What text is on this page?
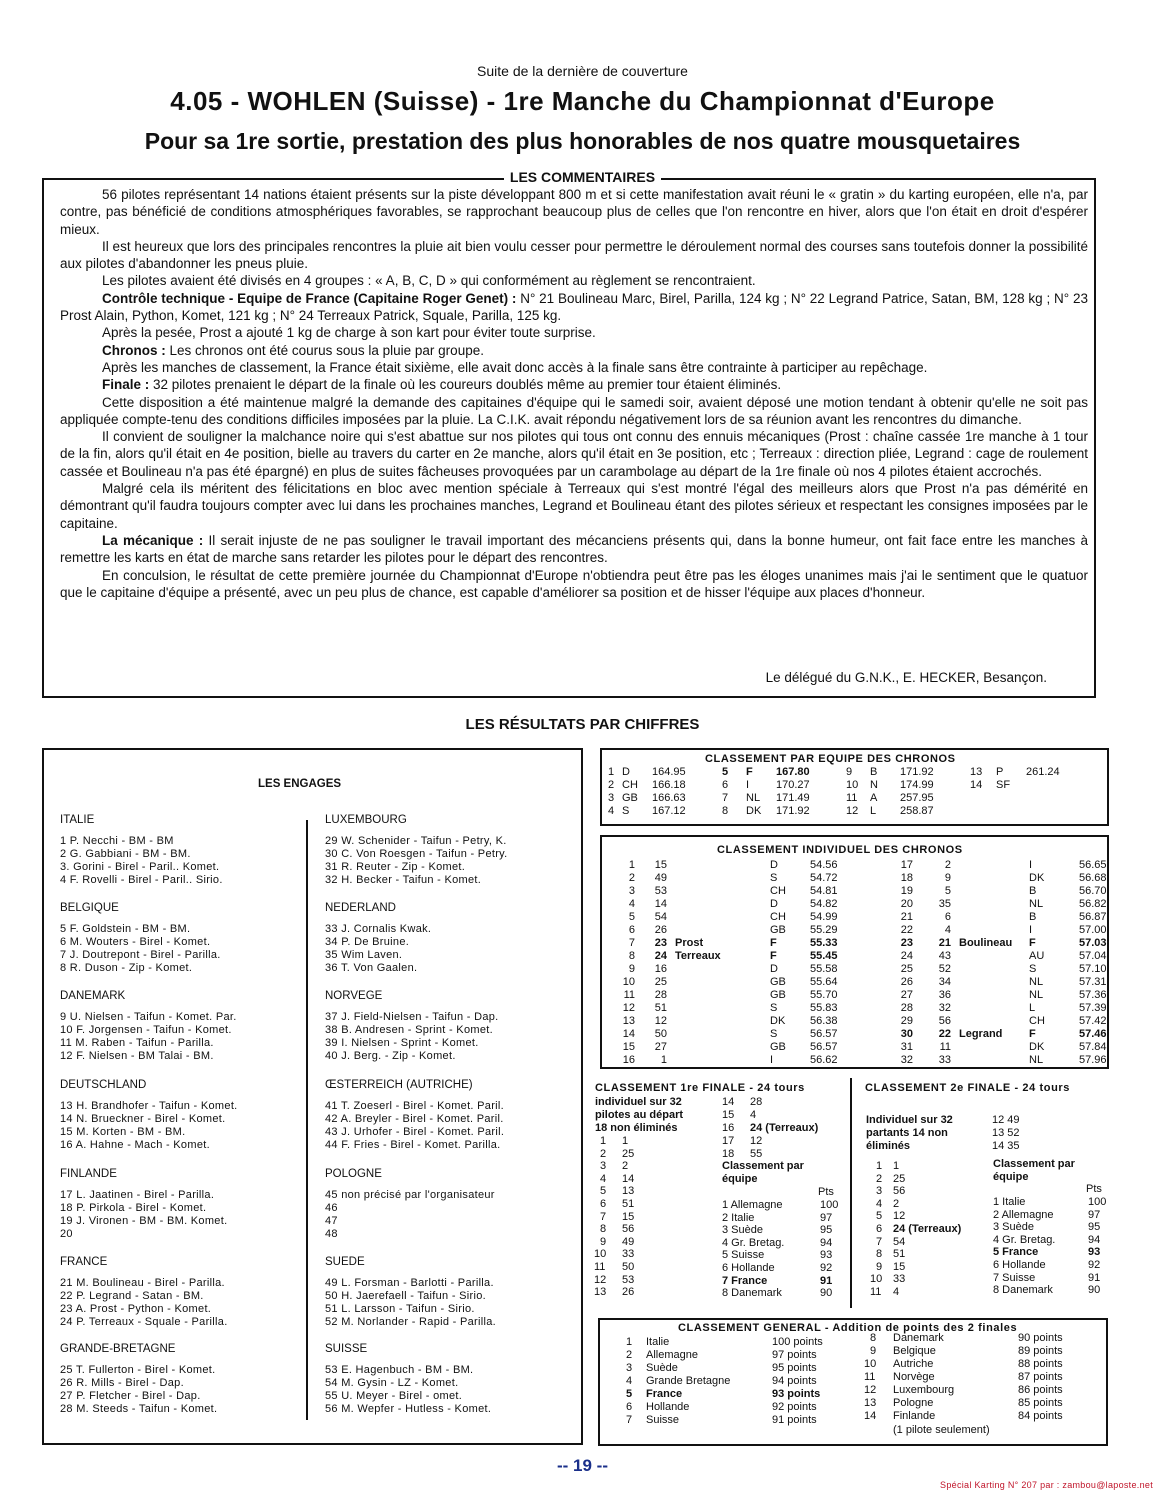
Suite de la dernière de couverture
4.05 - WOHLEN (Suisse) - 1re Manche du Championnat d'Europe
Pour sa 1re sortie, prestation des plus honorables de nos quatre mousquetaires
LES COMMENTAIRES

56 pilotes représentant 14 nations étaient présents sur la piste développant 800 m et si cette manifestation avait réuni le « gratin » du karting européen, elle n'a, par contre, pas bénéficié de conditions atmosphériques favorables, se rapprochant beaucoup plus de celles que l'on rencontre en hiver, alors que l'on était en droit d'espérer mieux.

Il est heureux que lors des principales rencontres la pluie ait bien voulu cesser pour permettre le déroulement normal des courses sans toutefois donner la possibilité aux pilotes d'abandonner les pneus pluie.

Les pilotes avaient été divisés en 4 groupes : « A, B, C, D » qui conformément au règlement se rencontraient.

Contrôle technique - Equipe de France (Capitaine Roger Genet) : N° 21 Boulineau Marc, Birel, Parilla, 124 kg ; N° 22 Legrand Patrice, Satan, BM, 128 kg ; N° 23 Prost Alain, Python, Komet, 121 kg ; N° 24 Terreaux Patrick, Squale, Parilla, 125 kg.

Après la pesée, Prost a ajouté 1 kg de charge à son kart pour éviter toute surprise.

Chronos : Les chronos ont été courus sous la pluie par groupe.

Après les manches de classement, la France était sixième, elle avait donc accès à la finale sans être contrainte à participer au repêchage.

Finale : 32 pilotes prenaient le départ de la finale où les coureurs doublés même au premier tour étaient éliminés.

Cette disposition a été maintenue malgré la demande des capitaines d'équipe qui le samedi soir, avaient déposé une motion tendant à obtenir qu'elle ne soit pas appliquée compte-tenu des conditions difficiles imposées par la pluie. La C.I.K. avait répondu négativement lors de sa réunion avant les rencontres du dimanche.

Il convient de souligner la malchance noire qui s'est abattue sur nos pilotes qui tous ont connu des ennuis mécaniques (Prost : chaîne cassée 1re manche à 1 tour de la fin, alors qu'il était en 4e position, bielle au travers du carter en 2e manche, alors qu'il était en 3e position, etc ; Terreaux : direction pliée, Legrand : cage de roulement cassée et Boulineau n'a pas été épargné) en plus de suites fâcheuses provoquées par un carambolage au départ de la 1re finale où nos 4 pilotes étaient accrochés.

Malgré cela ils méritent des félicitations en bloc avec mention spéciale à Terreaux qui s'est montré l'égal des meilleurs alors que Prost n'a pas démérité en démontrant qu'il faudra toujours compter avec lui dans les prochaines manches, Legrand et Boulineau étant des pilotes sérieux et respectant les consignes imposées par le capitaine.

La mécanique : Il serait injuste de ne pas souligner le travail important des mécanciens présents qui, dans la bonne humeur, ont fait face entre les manches à remettre les karts en état de marche sans retarder les pilotes pour le départ des rencontres.

En conculsion, le résultat de cette première journée du Championnat d'Europe n'obtiendra peut être pas les éloges unanimes mais j'ai le sentiment que le quatuor que le capitaine d'équipe a présenté, avec un peu plus de chance, est capable d'améliorer sa position et de hisser l'équipe aux places d'honneur.

Le délégué du G.N.K., E. HECKER, Besançon.
LES RÉSULTATS PAR CHIFFRES
LES ENGAGES
ITALIE
1 P. Necchi - BM - BM
2 G. Gabbiani - BM - BM.
3. Gorini - Birel - Paril.. Komet.
4 F. Rovelli - Birel - Paril.. Sirio.
BELGIQUE
5 F. Goldstein - BM - BM.
6 M. Wouters - Birel - Komet.
7 J. Doutrepont - Birel - Parilla.
8 R. Duson - Zip - Komet.
DANEMARK
9 U. Nielsen - Taifun - Komet. Par.
10 F. Jorgensen - Taifun - Komet.
11 M. Raben - Taifun - Parilla.
12 F. Nielsen - BM Talai - BM.
DEUTSCHLAND
13 H. Brandhofer - Taifun - Komet.
14 N. Brueckner - Birel - Komet.
15 M. Korten - BM - BM.
16 A. Hahne - Mach - Komet.
FINLANDE
17 L. Jaatinen - Birel - Parilla.
18 P. Pirkola - Birel - Komet.
19 J. Vironen - BM - BM. Komet.
20
FRANCE
21 M. Boulineau - Birel - Parilla.
22 P. Legrand - Satan - BM.
23 A. Prost - Python - Komet.
24 P. Terreaux - Squale - Parilla.
GRANDE-BRETAGNE
25 T. Fullerton - Birel - Komet.
26 R. Mills - Birel - Dap.
27 P. Fletcher - Birel - Dap.
28 M. Steeds - Taifun - Komet.
LUXEMBOURG
29 W. Schenider - Taifun - Petry, K.
30 C. Von Roesgen - Taifun - Petry.
31 R. Reuter - Zip - Komet.
32 H. Becker - Taifun - Komet.
NEDERLAND
33 J. Cornalis Kwak.
34 P. De Bruine.
35 Wim Laven.
36 T. Von Gaalen.
NORVEGE
37 J. Field-Nielsen - Taifun - Dap.
38 B. Andresen - Sprint - Komet.
39 I. Nielsen - Sprint - Komet.
40 J. Berg. - Zip - Komet.
ŒSTERREICH (AUTRICHE)
41 T. Zoeserl - Birel - Komet. Paril.
42 A. Breyler - Birel - Komet. Paril.
43 J. Urhofer - Birel - Komet. Paril.
44 F. Fries - Birel - Komet. Parilla.
POLOGNE
45 non précisé par l'organisateur
46
47
48
SUEDE
49 L. Forsman - Barlotti - Parilla.
50 H. Jaerefaell - Taifun - Sirio.
51 L. Larsson - Taifun - Sirio.
52 M. Norlander - Rapid - Parilla.
SUISSE
53 E. Hagenbuch - BM - BM.
54 M. Gysin - LZ - Komet.
55 U. Meyer - Birel - omet.
56 M. Wepfer - Hutless - Komet.
CLASSEMENT PAR EQUIPE DES CHRONOS
1	D	164.95	5	F	167.80	9	B	171.92	13	P	261.24
2	CH	166.18	6	I	170.27	10	N	174.99	14	SF	
3	GB	166.63	7	NL	171.49	11	A	257.95			
4	S	167.12	8	DK	171.92	12	L	258.87			
CLASSEMENT INDIVIDUEL DES CHRONOS
1	15		D	54.56	17	2		I	56.65
2	49		S	54.72	18	9		DK	56.68
3	53		CH	54.81	19	5		B	56.70
4	14		D	54.82	20	35		NL	56.82
5	54		CH	54.99	21	6		B	56.87
6	26		GB	55.29	22	4		I	57.00
7	23	Prost	F	55.33	23	21	Boulineau	F	57.03
8	24	Terreaux	F	55.45	24	43		AU	57.04
9	16		D	55.58	25	52		S	57.10
10	25		GB	55.64	26	34		NL	57.31
11	28		GB	55.70	27	36		NL	57.36
12	51		S	55.83	28	32		L	57.39
13	12		DK	56.38	29	56		CH	57.42
14	50		S	56.57	30	22	Legrand	F	57.46
15	27		GB	56.57	31	11		DK	57.84
16	1		I	56.62	32	33		NL	57.96
CLASSEMENT 1re FINALE - 24 tours
individuel sur 32
pilotes au départ
18 non éliminés
1 1
2 25
3 2
4 14
5 13
6 51
7 15
8 56
9 49
10 33
11 50
12 53
13 26
14 28
15 4
16 24 (Terreaux)
17 12
18 55
Classement par équipe
Pts
1 Allemagne	100
2 Italie	97
3 Suède	95
4 Gr. Bretag.	94
5 Suisse	93
6 Hollande	92
7 France	91
8 Danemark	90
CLASSEMENT 2e FINALE - 24 tours
Individuel sur 32
partants 14 non
éliminés
12 49
13 52
14 35
1 1
2 25
3 56
4 2
5 12
6 24 (Terreaux)
7 54
8 51
9 15
10 33
11 4
Classement par équipe
Pts
1 Italie	100
2 Allemagne	97
3 Suède	95
4 Gr. Bretag.	94
5 France	93
6 Hollande	92
7 Suisse	91
8 Danemark	90
CLASSEMENT GENERAL - Addition de points des 2 finales
1 Italie	100 points
2 Allemagne	97 points
3 Suède	95 points
4 Grande Bretagne	94 points
5 France	93 points
6 Hollande	92 points
7 Suisse	91 points
8 Danemark	90 points
9 Belgique	89 points
10 Autriche	88 points
11 Norvège	87 points
12 Luxembourg	86 points
13 Pologne	85 points
14 Finlande	84 points
(1 pilote seulement)
-- 19 --
Spécial Karting N° 207 par : zambou@laposte.net
